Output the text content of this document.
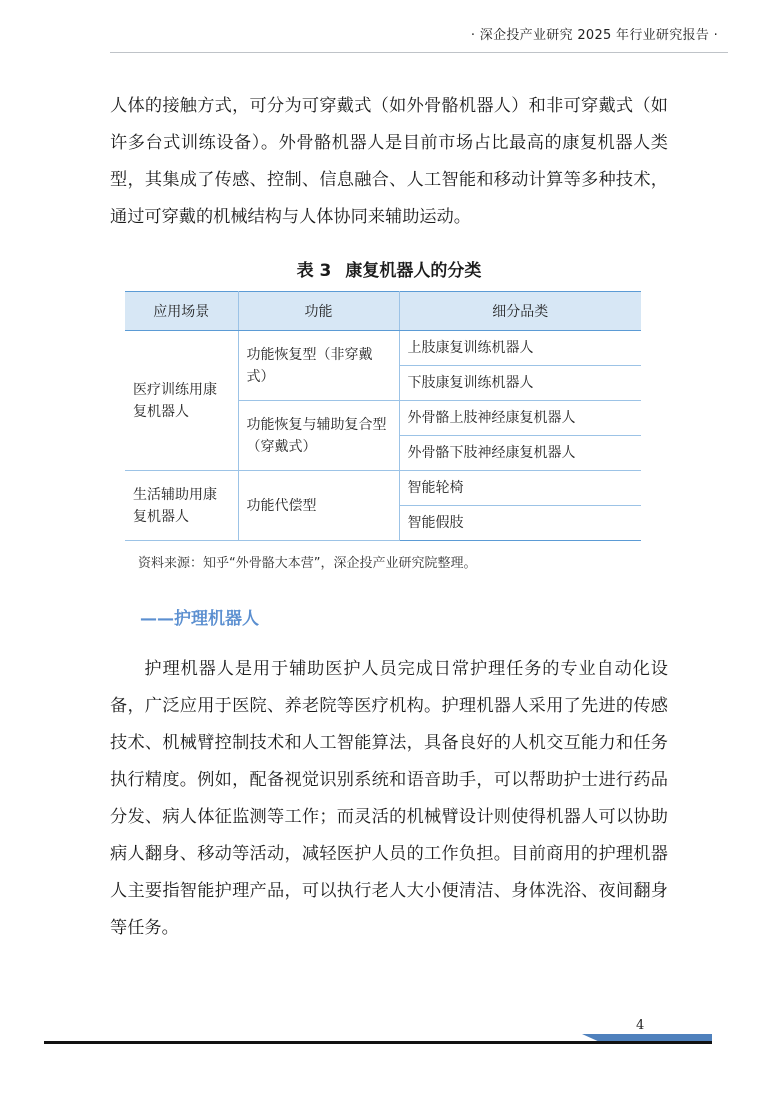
· 深企投产业研究 2025 年行业研究报告 ·

人体的接触方式，可分为可穿戴式（如外骨骼机器人）和非可穿戴式（如许多台式训练设备）。外骨骼机器人是目前市场占比最高的康复机器人类型，其集成了传感、控制、信息融合、人工智能和移动计算等多种技术，通过可穿戴的机械结构与人体协同来辅助运动。

表 3 康复机器人的分类
应用场景	功能	细分品类
医疗训练用康复机器人	功能恢复型（非穿戴式）	上肢康复训练机器人
		下肢康复训练机器人
	功能恢复与辅助复合型（穿戴式）	外骨骼上肢神经康复机器人
		外骨骼下肢神经康复机器人
生活辅助用康复机器人	功能代偿型	智能轮椅
		智能假肢
资料来源：知乎“外骨骼大本营”，深企投产业研究院整理。
——护理机器人

护理机器人是用于辅助医护人员完成日常护理任务的专业自动化设备，广泛应用于医院、养老院等医疗机构。护理机器人采用了先进的传感技术、机械臂控制技术和人工智能算法，具备良好的人机交互能力和任务执行精度。例如，配备视觉识别系统和语音助手，可以帮助护士进行药品分发、病人体征监测等工作；而灵活的机械臂设计则使得机器人可以协助病人翻身、移动等活动，减轻医护人员的工作负担。目前商用的护理机器人主要指智能护理产品，可以执行老人大小便清洁、身体洗浴、夜间翻身等任务。

4
